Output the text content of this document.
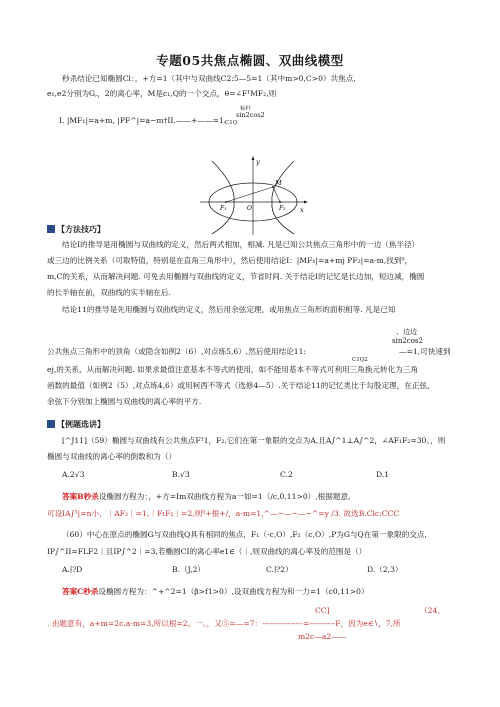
专题05共焦点椭圆、双曲线模型
秒杀结论已知椭圆Cl：，+方=1（其中与双曲线C2:5—5=1（其中m>0,C>0）共焦点,
e₁,e2分别为G,，2的离心率，M是c₁,Q的一个交点，θ=∠F¹MF₂,则
标杆
sin2cos2
I. |MF₁|=a+m, |PF^|=a−m†II.——+——=1.
C1Q
y
x
M
F₁	O	F₂
【方法技巧】
结论I的推导是用椭圆与双曲线的定义，然后两式相加，相减. 凡是已知公共焦点三角形中的一边（焦半径）
或三边的比例关系（可取特值，特别是在直角三角形中），然后使用结论I：|MF₁|=a+mj PF₂|=a-m,找到⁰，
m,C的关系，从而解决问题. 可免去用椭圆与双曲线的定义，节省时间. 关于结论I的记忆是长边加，短边减，椭圆
的长半轴在前，双曲线的实半轴在后.
结论11的推导是先用椭圆与双曲线的定义，然后用余弦定理，或用焦点三角形的面积相等. 凡是已知
、边边
sin2cos2
公共焦点三角形中的顶角（或隐含如例2（6）,对点练5,6）,然后使用结论11:	—=1,可快速到
C1Q2
ej,的关系，从而解决问题. 如果求最值注意基本不等式的使用，如不能用基本不等式可利用三角换元转化为三角
函数的最值（如例2（5）,对点练4,6）或用柯西不等式（选修4—5）.关于结论11的记忆类比于勾股定理，在正弦，
余弦下分别加上椭圆与双曲线的离心率的平方.
【例题选讲】
[^J11]（59）椭圆与双曲线有公共焦点F¹1，F₂,它们在第一象限的交点为A,且A∫^1⊥A∫^2，∠AF₁F₂=30。，则
椭圆与双曲线的离心率的倒数和为（）
A.2√3	B.√3	C.2	D.1
答案B秒杀设椭圆方程为：，+方=Im双曲线方程为a一如=1（/c,0,11>0）,根据题意,
可设IA∫¹|=n小，｜AF₂｜=1,｜FιF₂｜=2,则⁰+根+/，a-m=1,^—~—~—~^=y /3. 故选B.Clc:CCC
（60）中心在原点的椭圆G与双曲线Q具有相同的焦点，F₁（-c,O）,F₂（c,O）,P为G与Q在第一象限的交点,
IP∫^II=FLF2｜且IP∫^2｜=3,若椭圆CI的离心率e1∈（｜,则双曲线的离心率及的范围是（）
A.∣?D	B.（J,2）	C.∣?2）	D.（2,3）
答案C秒杀设椭圆方程为：^+^2=1（β>f1>0）,设双曲线方程为和一力=1（c0,11>0）
CC]	（24、
. 由题意有，a+m=2c,a-m=3,所以根=2。一。，又⑤=—=7：----------------=----------F，因为e∈∖，7,所
m2c—a2——
